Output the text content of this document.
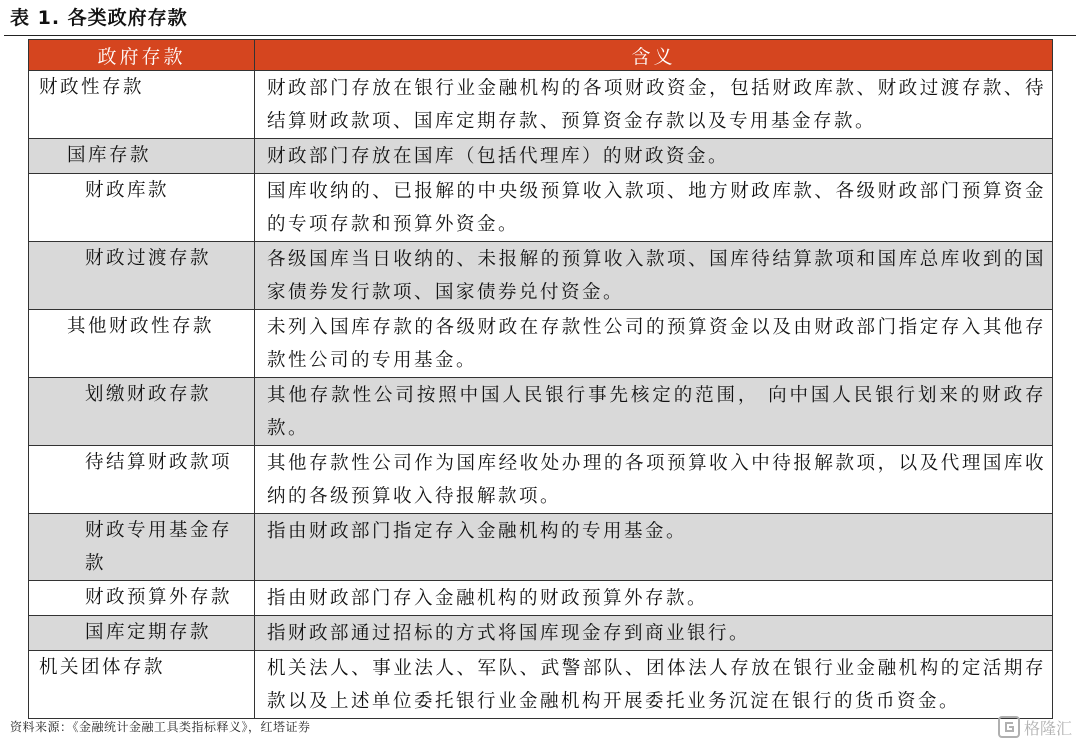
表 1. 各类政府存款
政府存款	含义
财政性存款	财政部门存放在银行业金融机构的各项财政资金，包括财政库款、财政过渡存款、待结算财政款项、国库定期存款、预算资金存款以及专用基金存款。
国库存款	财政部门存放在国库（包括代理库）的财政资金。
财政库款	国库收纳的、已报解的中央级预算收入款项、地方财政库款、各级财政部门预算资金的专项存款和预算外资金。
财政过渡存款	各级国库当日收纳的、未报解的预算收入款项、国库待结算款项和国库总库收到的国家债券发行款项、国家债券兑付资金。
其他财政性存款	未列入国库存款的各级财政在存款性公司的预算资金以及由财政部门指定存入其他存款性公司的专用基金。
划缴财政存款	其他存款性公司按照中国人民银行事先核定的范围， 向中国人民银行划来的财政存款。
待结算财政款项	其他存款性公司作为国库经收处办理的各项预算收入中待报解款项，以及代理国库收纳的各级预算收入待报解款项。
财政专用基金存款	指由财政部门指定存入金融机构的专用基金。
财政预算外存款	指由财政部门存入金融机构的财政预算外存款。
国库定期存款	指财政部通过招标的方式将国库现金存到商业银行。
机关团体存款	机关法人、事业法人、军队、武警部队、团体法人存放在银行业金融机构的定活期存款以及上述单位委托银行业金融机构开展委托业务沉淀在银行的货币资金。
资料来源：《金融统计金融工具类指标释义》，红塔证券	格隆汇
